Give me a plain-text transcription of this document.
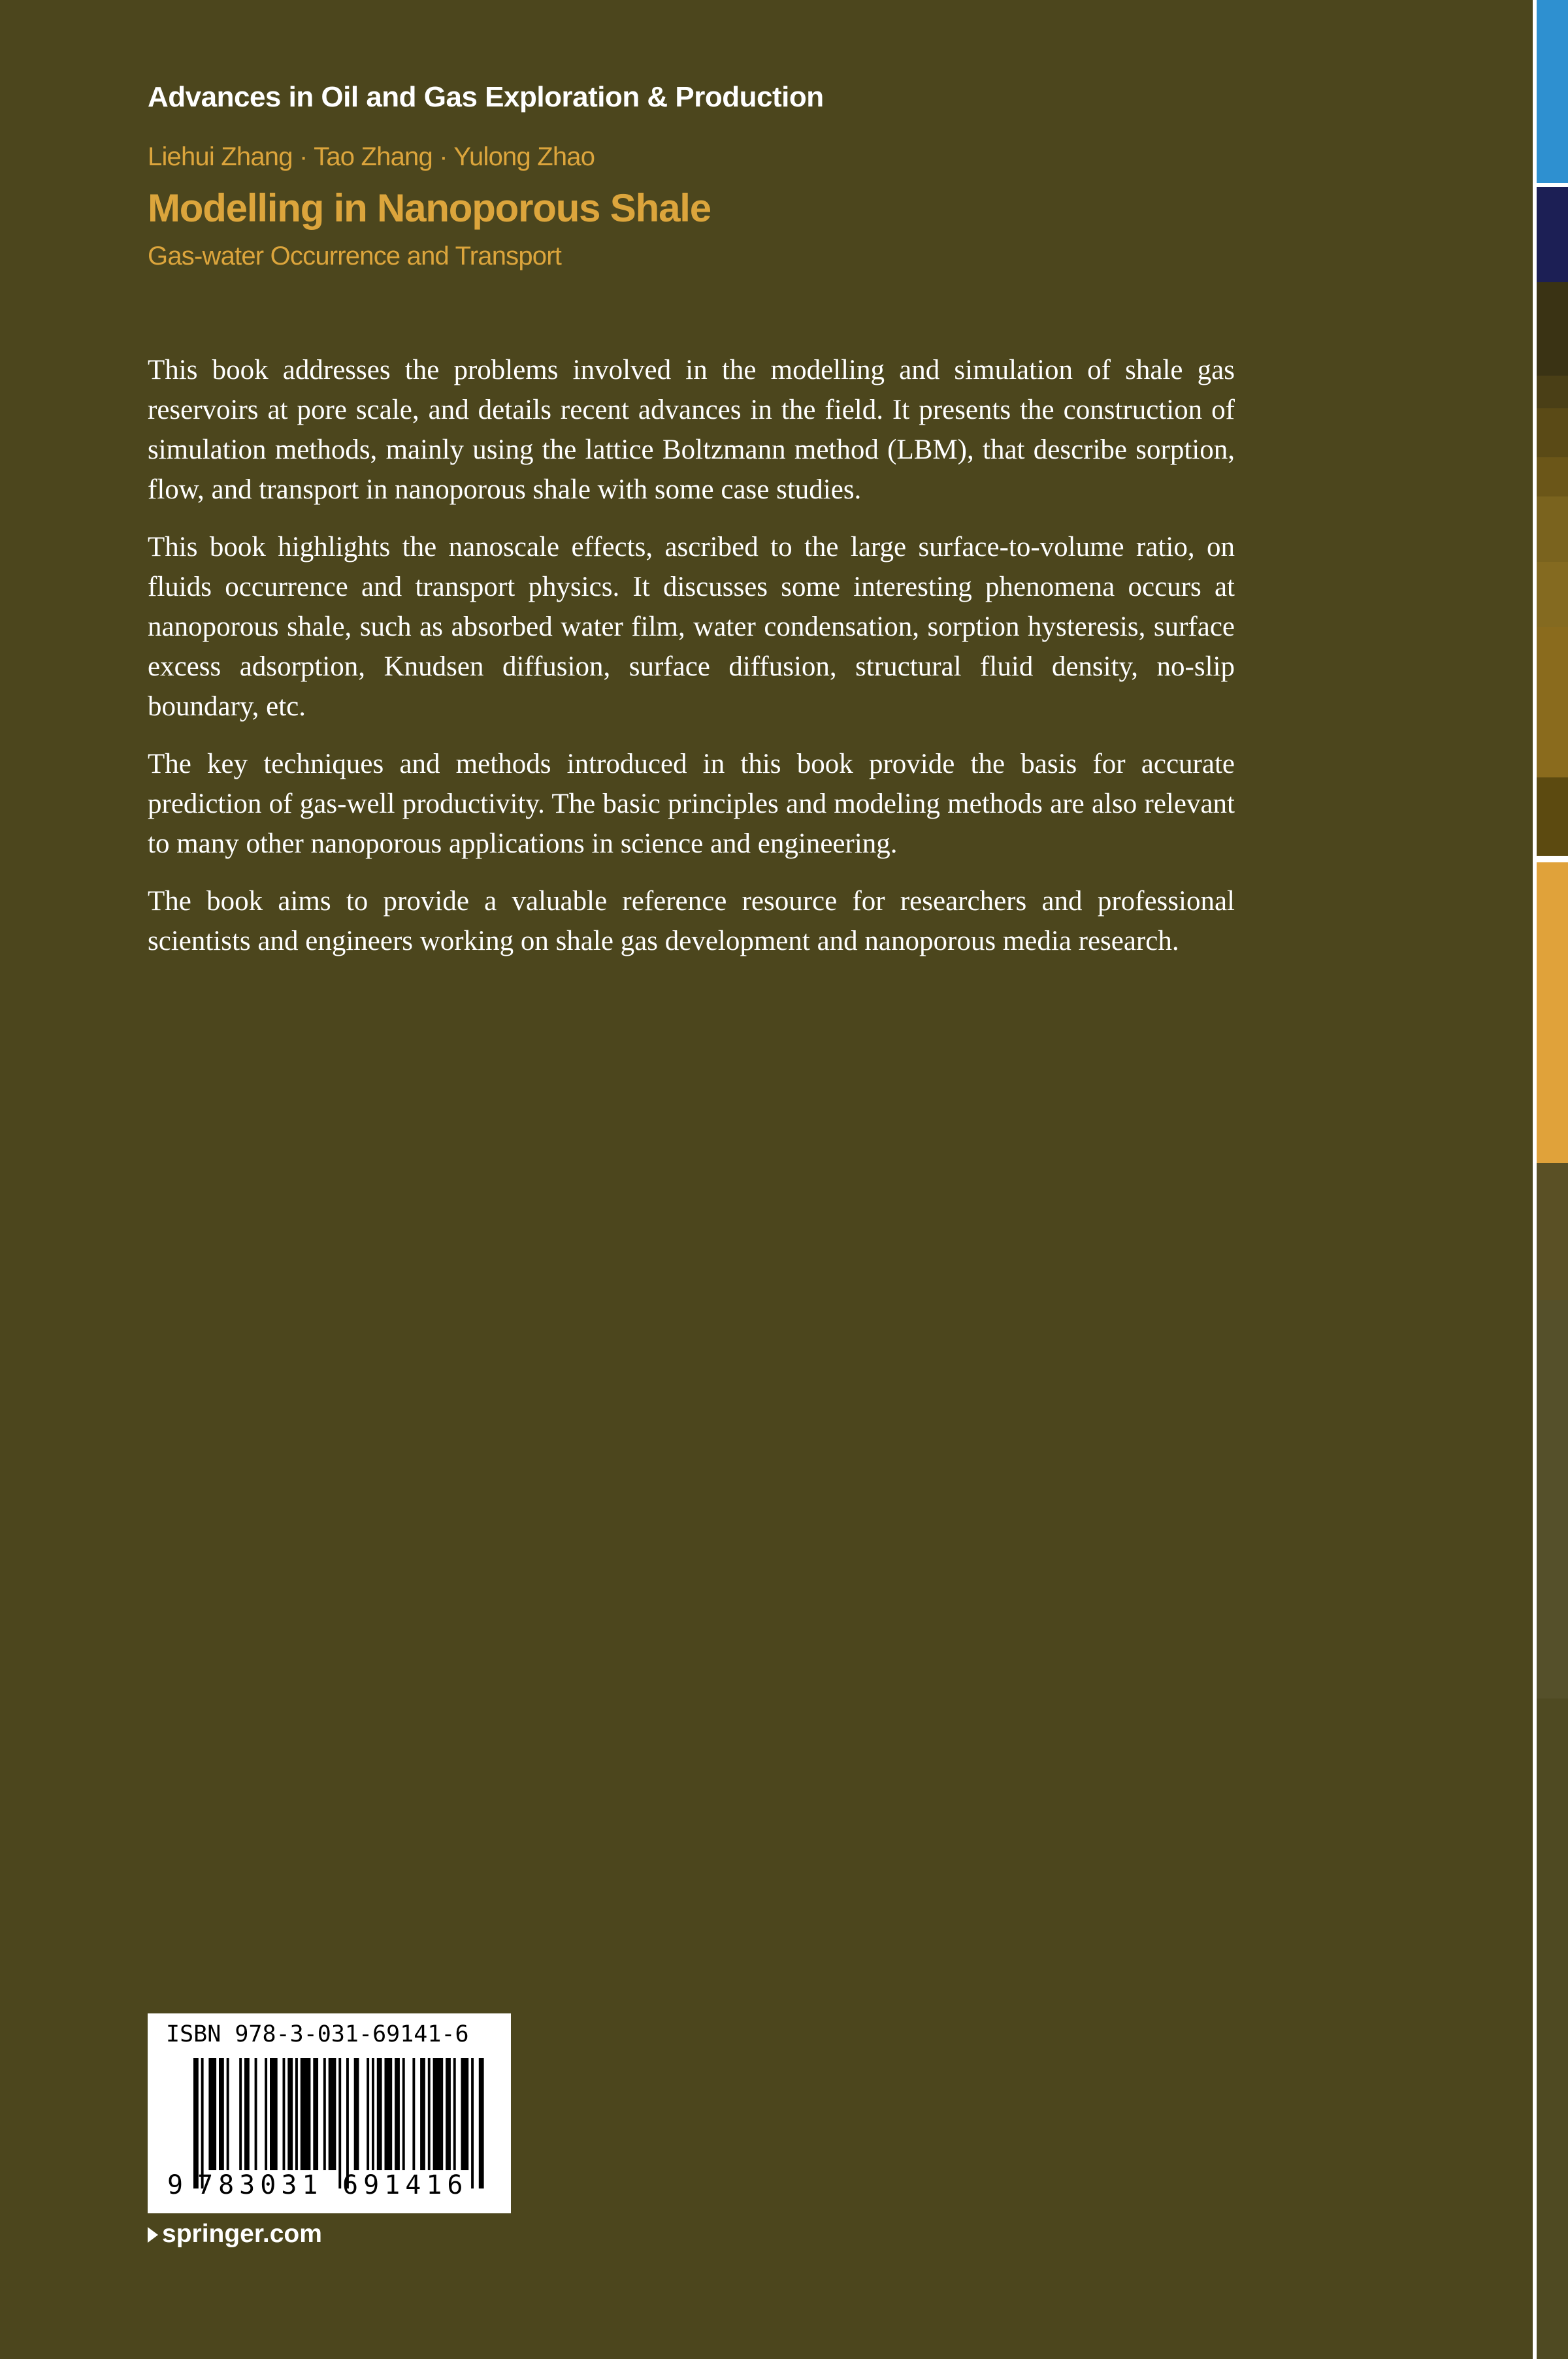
Advances in Oil and Gas Exploration & Production

Liehui Zhang · Tao Zhang · Yulong Zhao

Modelling in Nanoporous Shale

Gas-water Occurrence and Transport

This book addresses the problems involved in the modelling and simulation of shale gas reservoirs at pore scale, and details recent advances in the field. It presents the construction of simulation methods, mainly using the lattice Boltzmann method (LBM), that describe sorption, flow, and transport in nanoporous shale with some case studies.

This book highlights the nanoscale effects, ascribed to the large surface-to-volume ratio, on fluids occurrence and transport physics. It discusses some interesting phenomena occurs at nanoporous shale, such as absorbed water film, water condensation, sorption hysteresis, surface excess adsorption, Knudsen diffusion, surface diffusion, structural fluid density, no-slip boundary, etc.

The key techniques and methods introduced in this book provide the basis for accurate prediction of gas-well productivity. The basic principles and modeling methods are also relevant to many other nanoporous applications in science and engineering.

The book aims to provide a valuable reference resource for researchers and professional scientists and engineers working on shale gas development and nanoporous media research.

ISBN 978-3-031-69141-6

9 783031 691416

springer.com
